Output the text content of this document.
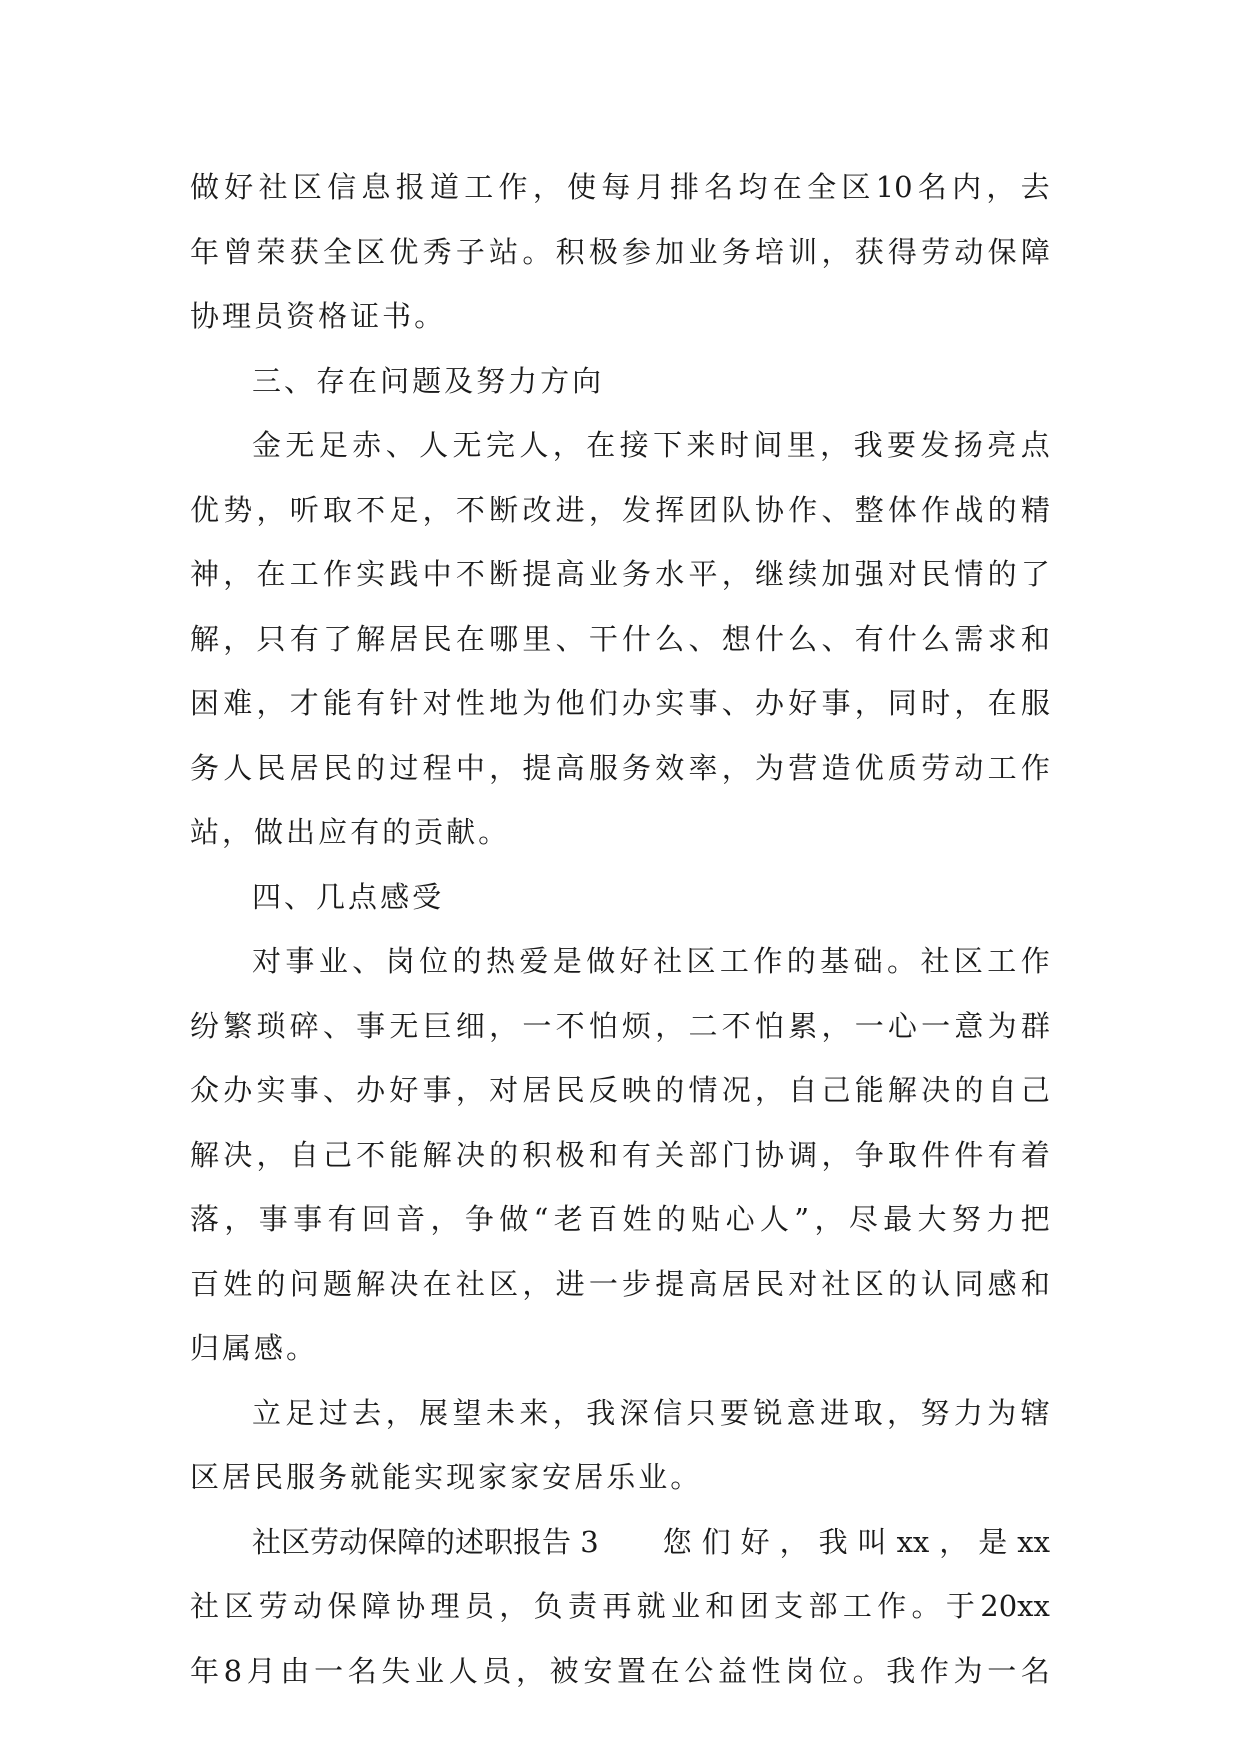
做 好 社 区 信 息 报 道 工 作 ， 使 每 月 排 名 均 在 全 区 10 名 内 ， 去
年 曾 荣 获 全 区 优 秀 子 站 。 积 极 参 加 业 务 培 训 ， 获 得 劳 动 保 障
协 理 员 资 格 证 书 。
三 、 存 在 问 题 及 努 力 方 向
金 无 足 赤 、 人 无 完 人 ， 在 接 下 来 时 间 里 ， 我 要 发 扬 亮 点
优 势 ， 听 取 不 足 ， 不 断 改 进 ， 发 挥 团 队 协 作 、 整 体 作 战 的 精
神 ， 在 工 作 实 践 中 不 断 提 高 业 务 水 平 ， 继 续 加 强 对 民 情 的 了
解 ， 只 有 了 解 居 民 在 哪 里 、 干 什 么 、 想 什 么 、 有 什 么 需 求 和
困 难 ， 才 能 有 针 对 性 地 为 他 们 办 实 事 、 办 好 事 ， 同 时 ， 在 服
务 人 民 居 民 的 过 程 中 ， 提 高 服 务 效 率 ， 为 营 造 优 质 劳 动 工 作
站 ， 做 出 应 有 的 贡 献 。
四 、 几 点 感 受
对 事 业 、 岗 位 的 热 爱 是 做 好 社 区 工 作 的 基 础 。 社 区 工 作
纷 繁 琐 碎 、 事 无 巨 细 ， 一 不 怕 烦 ， 二 不 怕 累 ， 一 心 一 意 为 群
众 办 实 事 、 办 好 事 ， 对 居 民 反 映 的 情 况 ， 自 己 能 解 决 的 自 己
解 决 ， 自 己 不 能 解 决 的 积 极 和 有 关 部 门 协 调 ， 争 取 件 件 有 着
落 ， 事 事 有 回 音 ， 争 做 “ 老 百 姓 的 贴 心 人 ” ， 尽 最 大 努 力 把
百 姓 的 问 题 解 决 在 社 区 ， 进 一 步 提 高 居 民 对 社 区 的 认 同 感 和
归 属 感 。
立 足 过 去 ， 展 望 未 来 ， 我 深 信 只 要 锐 意 进 取 ， 努 力 为 辖
区 居 民 服 务 就 能 实 现 家 家 安 居 乐 业 。
社区劳动保障的述职报告 3 您 们 好 ， 我 叫 xx ， 是 xx
社 区 劳 动 保 障 协 理 员 ， 负 责 再 就 业 和 团 支 部 工 作 。 于 20xx
年 8 月 由 一 名 失 业 人 员 ， 被 安 置 在 公 益 性 岗 位 。 我 作 为 一 名
